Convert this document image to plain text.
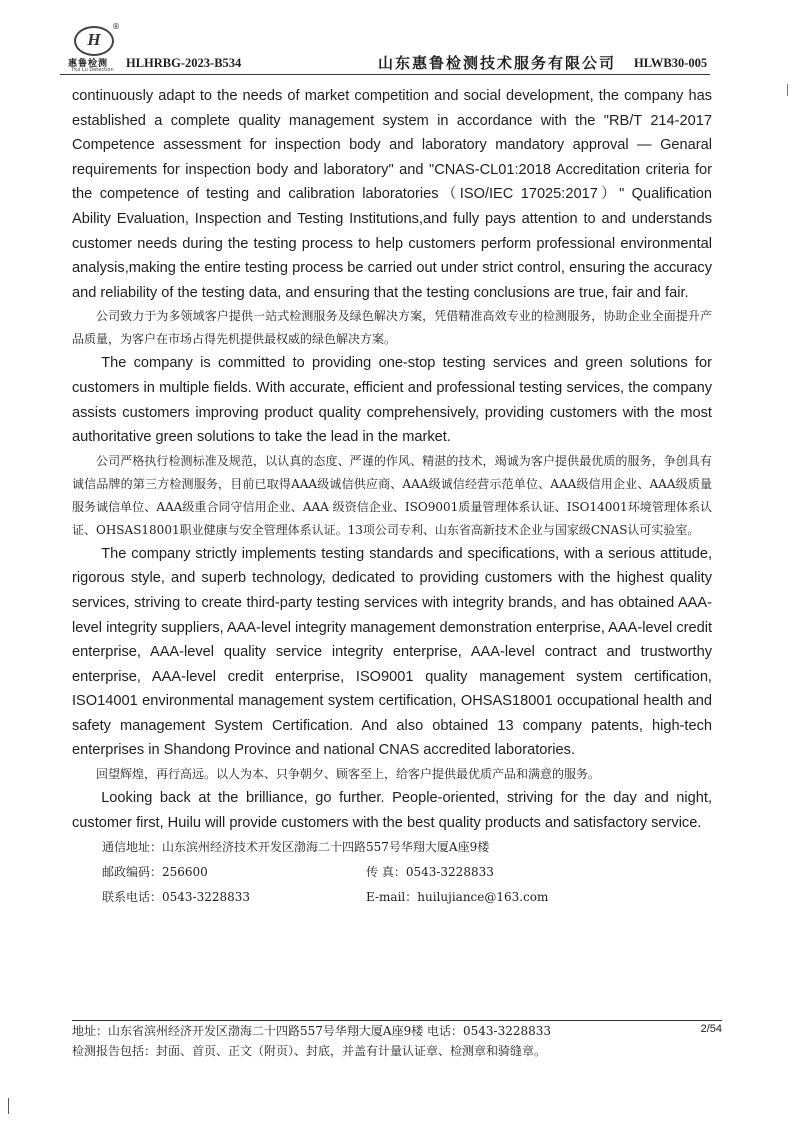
H
®
惠鲁检测
Hui Lu Detection HLHRBG-2023-B534	山东惠鲁检测技术服务有限公司 HLWB30-005

continuously adapt to the needs of market competition and social development, the company has established a complete quality management system in accordance with the "RB/T 214-2017 Competence assessment for inspection body and laboratory mandatory approval — Genaral requirements for inspection body and laboratory" and "CNAS-CL01:2018 Accreditation criteria for the competence of testing and calibration laboratories（ISO/IEC 17025:2017）" Qualification Ability Evaluation, Inspection and Testing Institutions,and fully pays attention to and understands customer needs during the testing process to help customers perform professional environmental analysis,making the entire testing process be carried out under strict control, ensuring the accuracy and reliability of the testing data, and ensuring that the testing conclusions are true, fair and fair.

公司致力于为多领域客户提供一站式检测服务及绿色解决方案，凭借精准高效专业的检测服务，协助企业全面提升产品质量，为客户在市场占得先机提供最权威的绿色解决方案。

The company is committed to providing one-stop testing services and green solutions for customers in multiple fields. With accurate, efficient and professional testing services, the company assists customers improving product quality comprehensively, providing customers with the most authoritative green solutions to take the lead in the market.

公司严格执行检测标准及规范，以认真的态度、严谨的作风、精湛的技术，竭诚为客户提供最优质的服务，争创具有诚信品牌的第三方检测服务，目前已取得AAA级诚信供应商、AAA级诚信经营示范单位、AAA级信用企业、AAA级质量服务诚信单位、AAA级重合同守信用企业、AAA 级资信企业、ISO9001质量管理体系认证、ISO14001环境管理体系认证、OHSAS18001职业健康与安全管理体系认证。13项公司专利、山东省高新技术企业与国家级CNAS认可实验室。

The company strictly implements testing standards and specifications, with a serious attitude, rigorous style, and superb technology, dedicated to providing customers with the highest quality services, striving to create third-party testing services with integrity brands, and has obtained AAA-level integrity suppliers, AAA-level integrity management demonstration enterprise, AAA-level credit enterprise, AAA-level quality service integrity enterprise, AAA-level contract and trustworthy enterprise, AAA-level credit enterprise, ISO9001 quality management system certification, ISO14001 environmental management system certification, OHSAS18001 occupational health and safety management System Certification. And also obtained 13 company patents, high-tech enterprises in Shandong Province and national CNAS accredited laboratories.

回望辉煌，再行高远。以人为本、只争朝夕、顾客至上，给客户提供最优质产品和满意的服务。

Looking back at the brilliance, go further. People-oriented, striving for the day and night, customer first, Huilu will provide customers with the best quality products and satisfactory service.

通信地址：山东滨州经济技术开发区渤海二十四路557号华翔大厦A座9楼
邮政编码：256600	传 真：0543-3228833
联系电话：0543-3228833	E-mail：huilujiance@163.com
地址：山东省滨州经济开发区渤海二十四路557号华翔大厦A座9楼 电话：0543-3228833	2/54
检测报告包括：封面、首页、正文（附页）、封底，并盖有计量认证章、检测章和骑缝章。
